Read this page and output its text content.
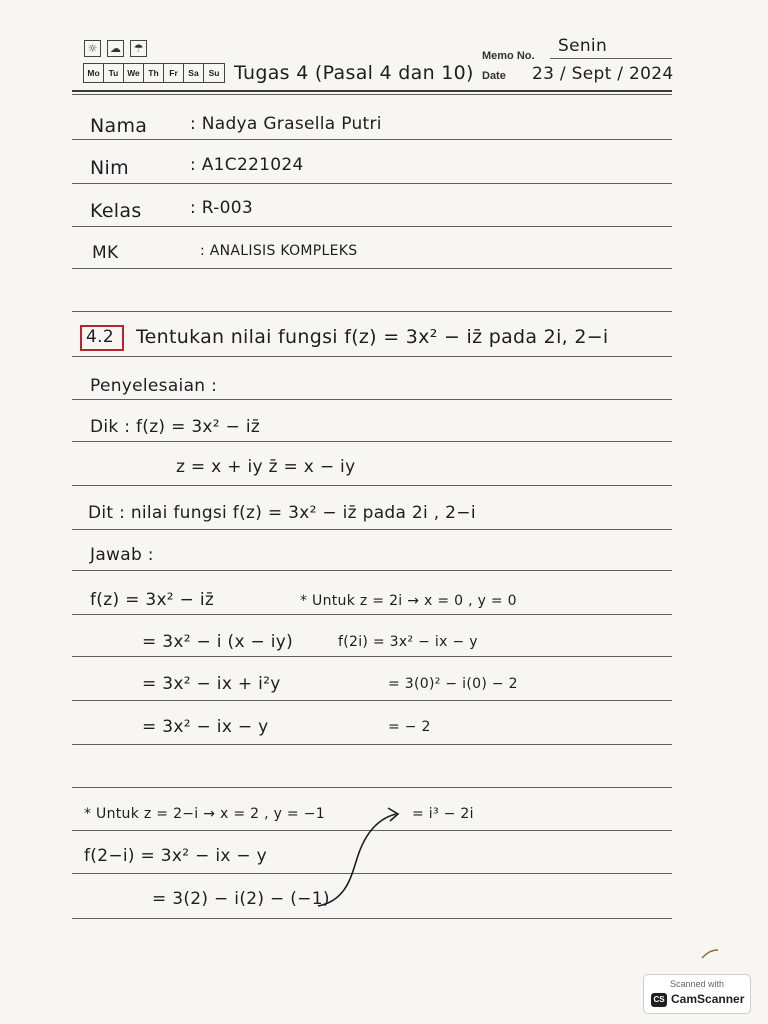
☼	☁	☂
Mo	Tu	We	Th	Fr	Sa	Su Tugas 4 (Pasal 4 dan 10)
Memo No. Senin
Date 23 / Sept / 2024
Nama	: Nadya Grasella Putri
Nim	: A1C221024
Kelas	: R-003
MK	: ANALISIS KOMPLEKS
4.2 Tentukan nilai fungsi f(z) = 3x² − iz̄ pada 2i, 2−i
Penyelesaian :
Dik : f(z) = 3x² − iz̄
z = x + iy z̄ = x − iy
Dit : nilai fungsi f(z) = 3x² − iz̄ pada 2i , 2−i
Jawab :
f(z) = 3x² − iz̄
= 3x² − i (x − iy)
= 3x² − ix + i²y
= 3x² − ix − y
* Untuk z = 2i → x = 0 , y = 0
f(2i) = 3x² − ix − y
= 3(0)² − i(0) − 2
= − 2
* Untuk z = 2−i → x = 2 , y = −1	= i³ − 2i
f(2−i) = 3x² − ix − y
= 3(2) − i(2) − (−1)
Scanned with
CS CamScanner
